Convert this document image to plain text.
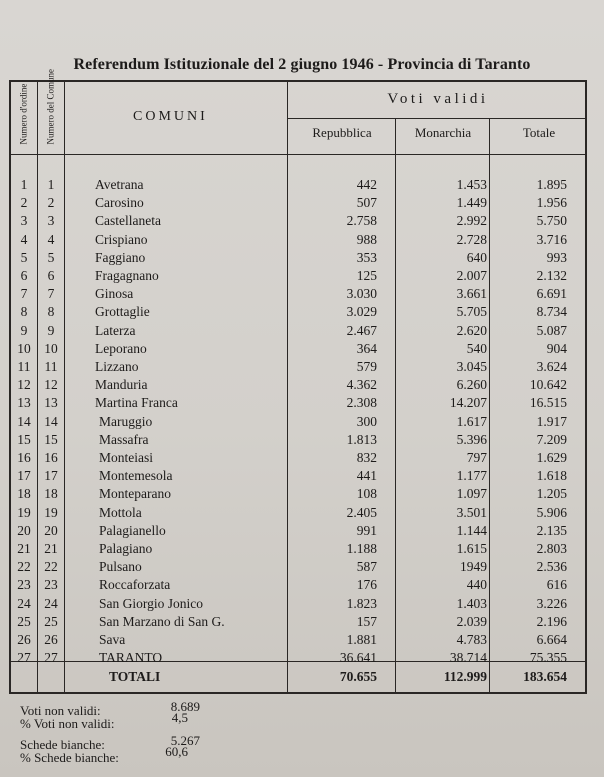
Referendum Istituzionale del 2 giugno 1946 - Provincia di Taranto
Numero d'ordine Numero del Comune	COMUNI
Voti validi
Repubblica	Monarchia	Totale
1	1	Avetrana	442	1.453	1.895
2	2	Carosino	507	1.449	1.956
3	3	Castellaneta	2.758	2.992	5.750
4	4	Crispiano	988	2.728	3.716
5	5	Faggiano	353	640	993
6	6	Fragagnano	125	2.007	2.132
7	7	Ginosa	3.030	3.661	6.691
8	8	Grottaglie	3.029	5.705	8.734
9	9	Laterza	2.467	2.620	5.087
10	10	Leporano	364	540	904
11	11	Lizzano	579	3.045	3.624
12	12	Manduria	4.362	6.260	10.642
13	13	Martina Franca	2.308	14.207	16.515
14	14	Maruggio	300	1.617	1.917
15	15	Massafra	1.813	5.396	7.209
16	16	Monteiasi	832	797	1.629
17	17	Montemesola	441	1.177	1.618
18	18	Monteparano	108	1.097	1.205
19	19	Mottola	2.405	3.501	5.906
20	20	Palagianello	991	1.144	2.135
21	21	Palagiano	1.188	1.615	2.803
22	22	Pulsano	587	1949	2.536
23	23	Roccaforzata	176	440	616
24	24	San Giorgio Jonico	1.823	1.403	3.226
25	25	San Marzano di San G.	157	2.039	2.196
26	26	Sava	1.881	4.783	6.664
27	27	TARANTO	36.641	38.714	75.355
TOTALI	70.655	112.999	183.654
Voti non validi:	8.689
% Voti non validi:	4,5
Schede bianche:	5.267
% Schede bianche:	60,6
